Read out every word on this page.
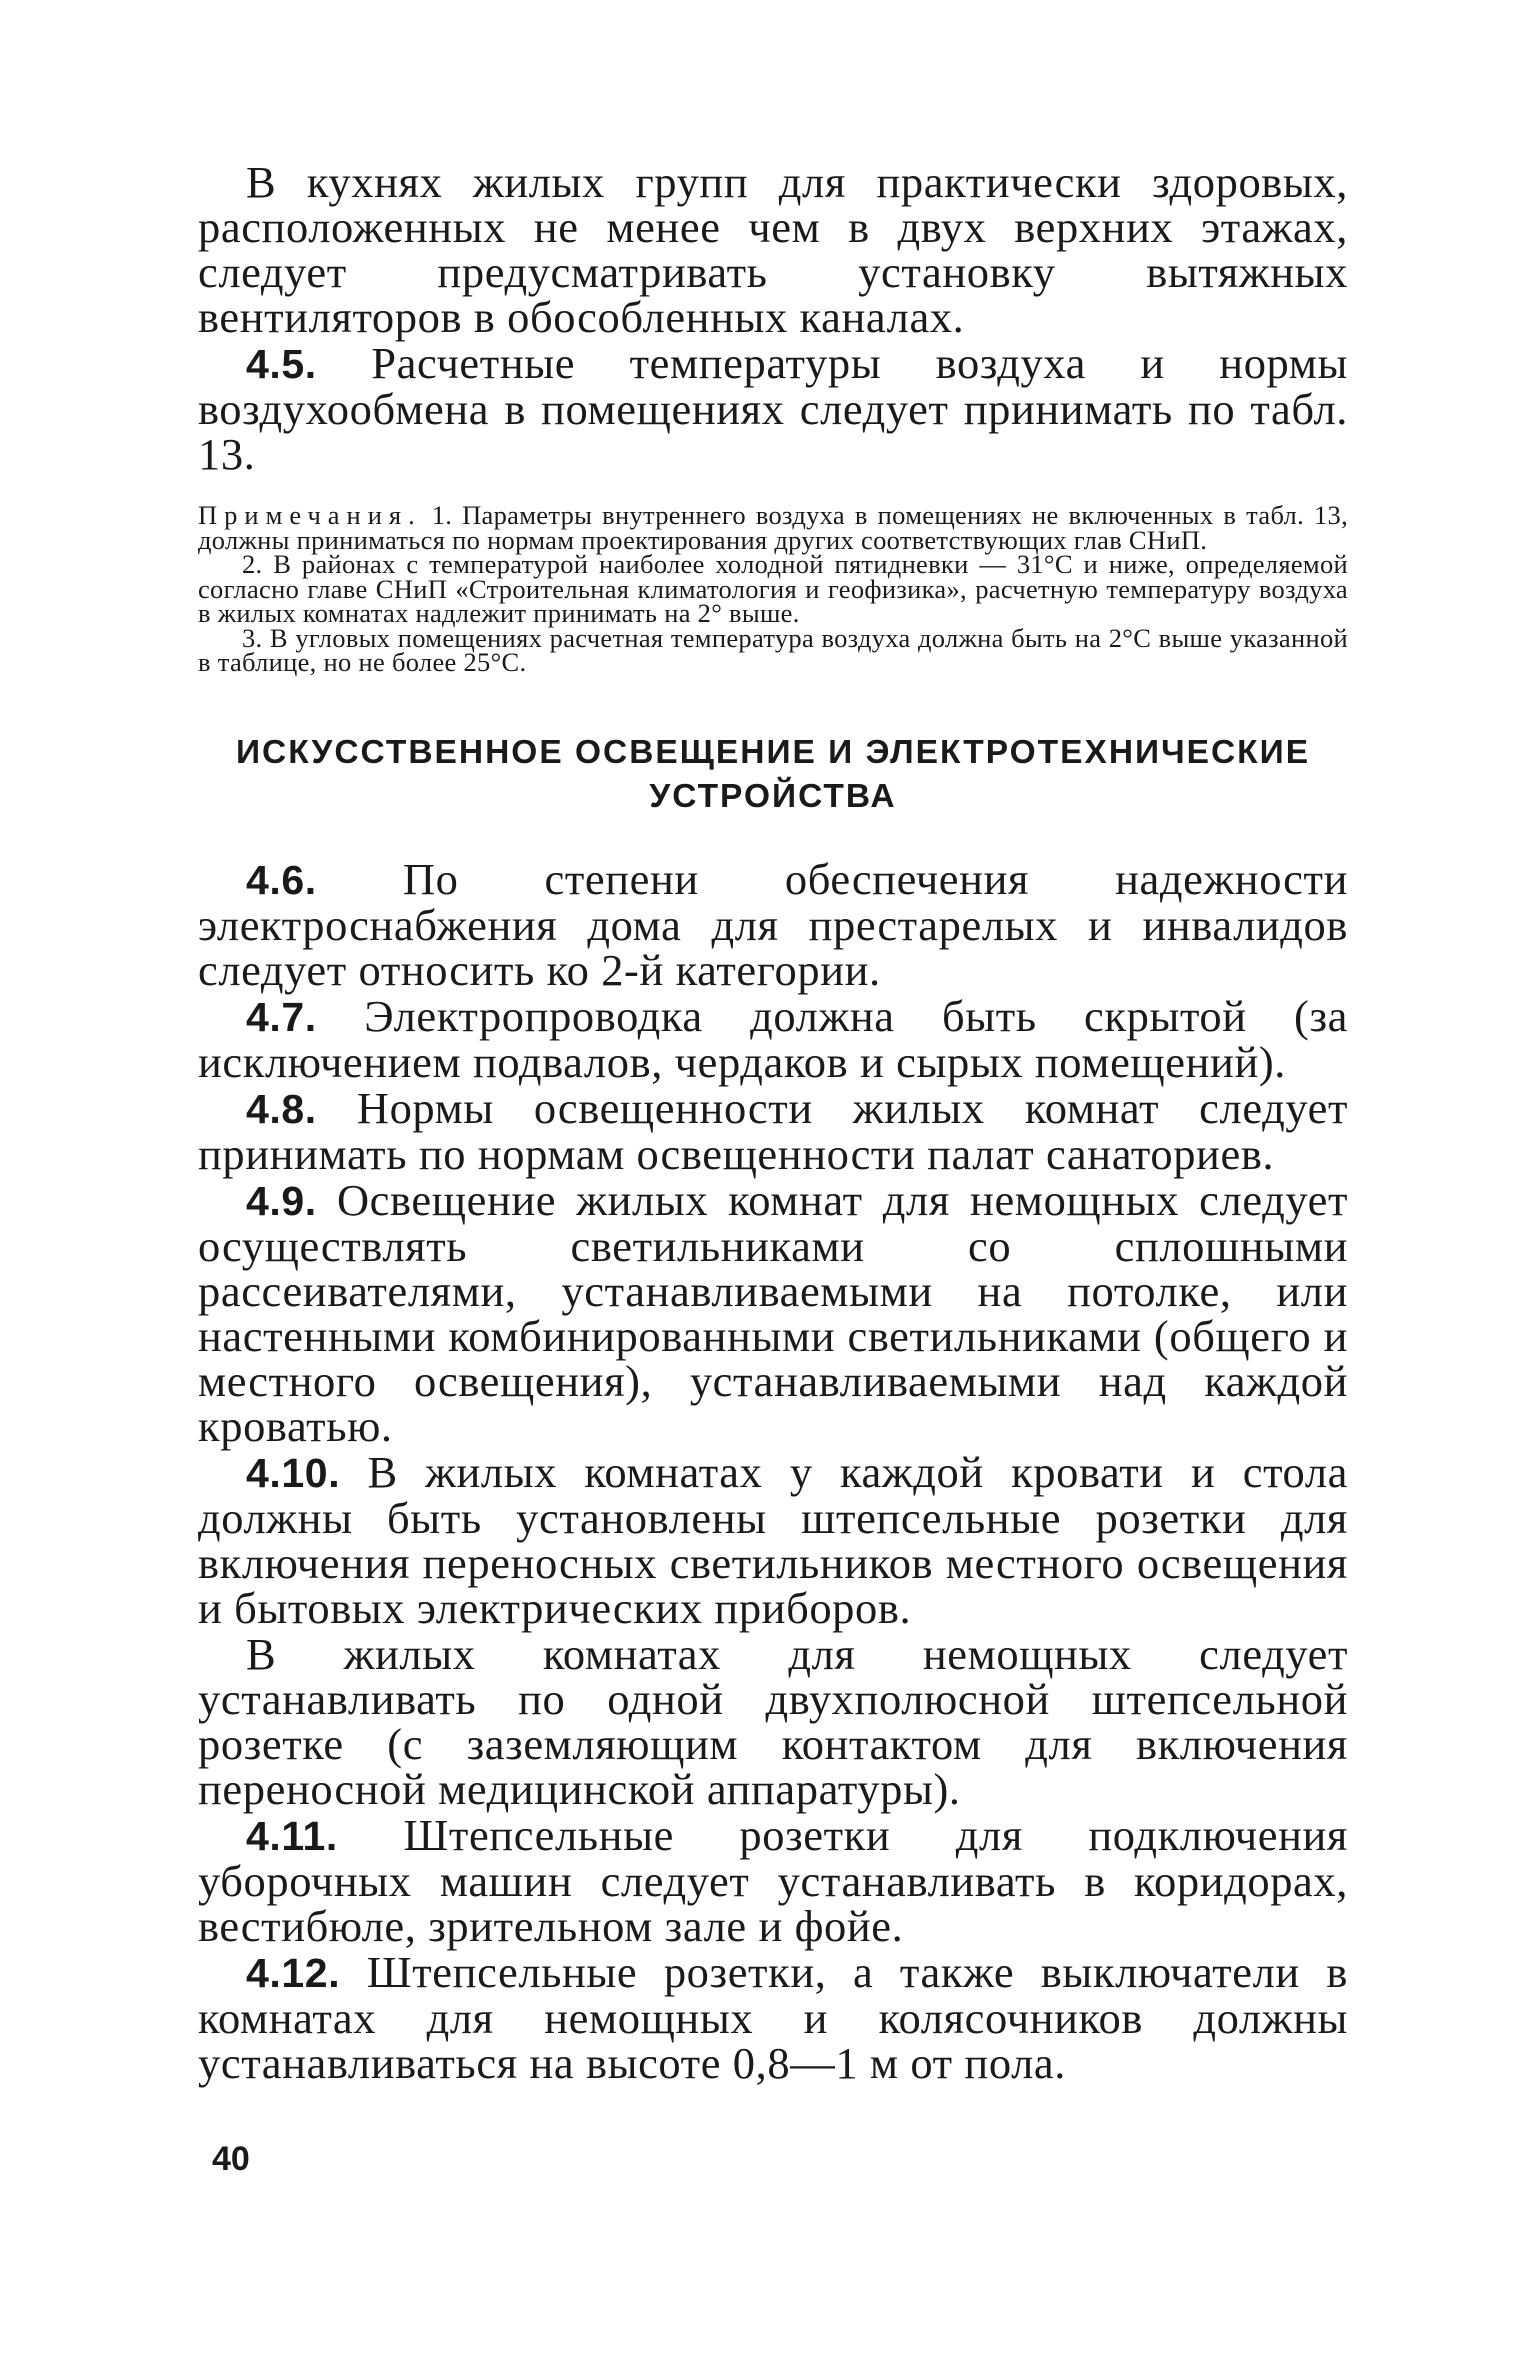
В кухнях жилых групп для практически здоровых, расположенных не менее чем в двух верхних этажах, следует предусматривать установку вытяжных вентиляторов в обособленных каналах.

4.5. Расчетные температуры воздуха и нормы воздухообмена в помещениях следует принимать по табл. 13.

Примечания. 1. Параметры внутреннего воздуха в помещениях не включенных в табл. 13, должны приниматься по нормам проектирования других соответствующих глав СНиП.

2. В районах с температурой наиболее холодной пятидневки — 31°С и ниже, определяемой согласно главе СНиП «Строительная климатология и геофизика», расчетную температуру воздуха в жилых комнатах надлежит принимать на 2° выше.

3. В угловых помещениях расчетная температура воздуха должна быть на 2°С выше указанной в таблице, но не более 25°С.

ИСКУССТВЕННОЕ ОСВЕЩЕНИЕ И ЭЛЕКТРОТЕХНИЧЕСКИЕ
УСТРОЙСТВА

4.6. По степени обеспечения надежности электроснабжения дома для престарелых и инвалидов следует относить ко 2-й категории.

4.7. Электропроводка должна быть скрытой (за исключением подвалов, чердаков и сырых помещений).

4.8. Нормы освещенности жилых комнат следует принимать по нормам освещенности палат санаториев.

4.9. Освещение жилых комнат для немощных следует осуществлять светильниками со сплошными рассеивателями, устанавливаемыми на потолке, или настенными комбинированными светильниками (общего и местного освещения), устанавливаемыми над каждой кроватью.

4.10. В жилых комнатах у каждой кровати и стола должны быть установлены штепсельные розетки для включения переносных светильников местного освещения и бытовых электрических приборов.

В жилых комнатах для немощных следует устанавливать по одной двухполюсной штепсельной розетке (с заземляющим контактом для включения переносной медицинской аппаратуры).

4.11. Штепсельные розетки для подключения уборочных машин следует устанавливать в коридорах, вестибюле, зрительном зале и фойе.

4.12. Штепсельные розетки, а также выключатели в комнатах для немощных и колясочников должны устанавливаться на высоте 0,8—1 м от пола.

40
